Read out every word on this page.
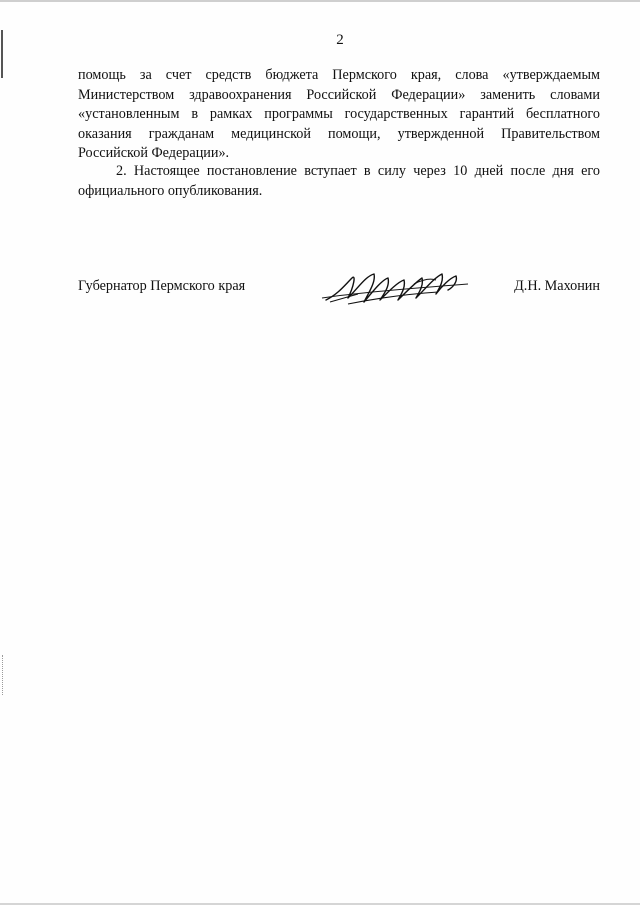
2

помощь за счет средств бюджета Пермского края, слова «утверждаемым Министерством здравоохранения Российской Федерации» заменить словами «установленным в рамках программы государственных гарантий бесплатного оказания гражданам медицинской помощи, утвержденной Правительством Российской Федерации».

2. Настоящее постановление вступает в силу через 10 дней после дня его официального опубликования.

Губернатор Пермского края	Д.Н. Махонин
